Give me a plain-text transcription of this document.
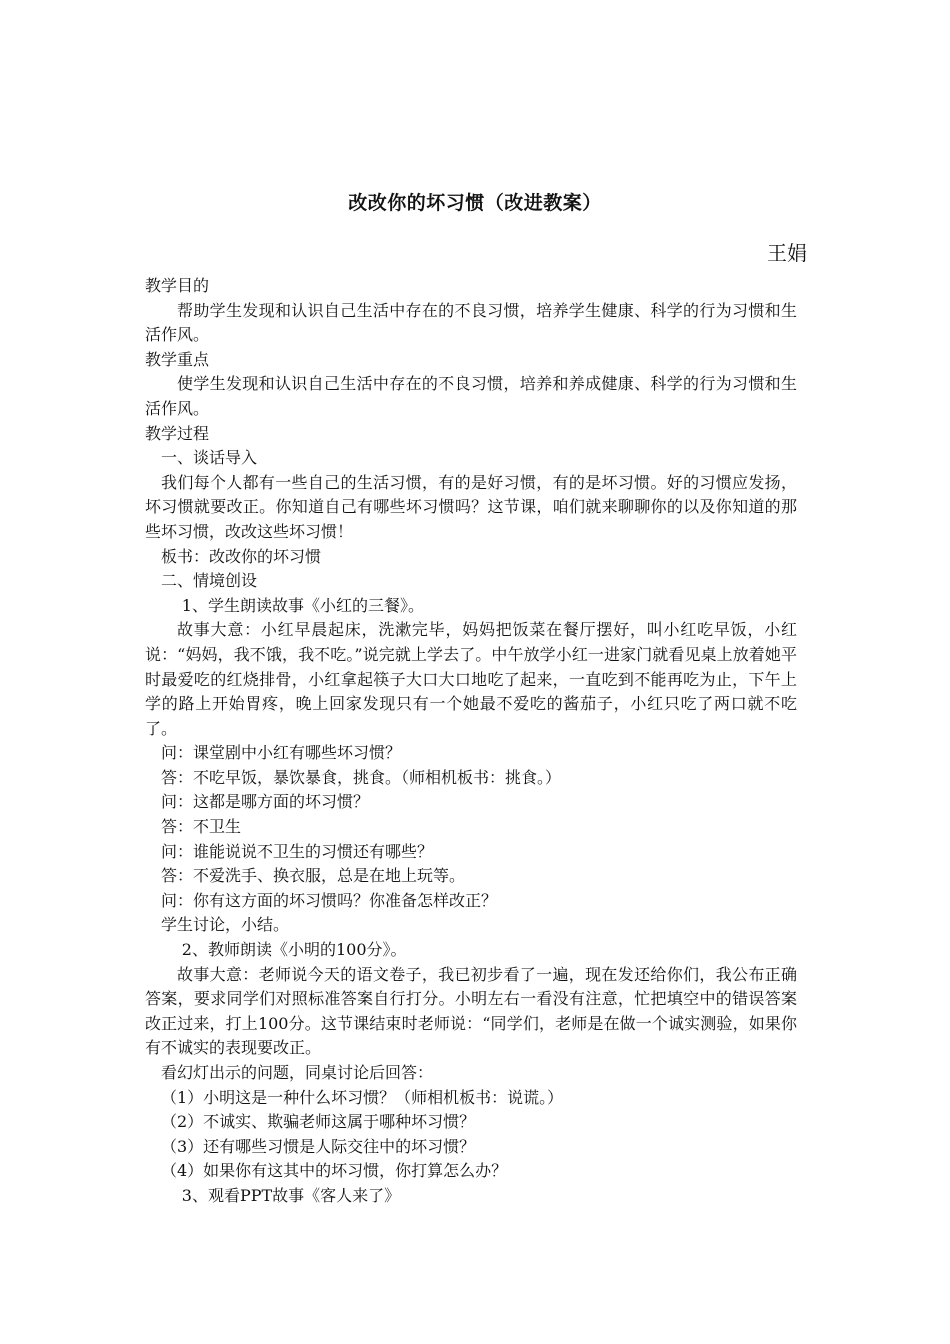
改改你的坏习惯（改进教案）
王娟

教学目的

帮助学生发现和认识自己生活中存在的不良习惯，培养学生健康、科学的行为习惯和生活作风。

教学重点

使学生发现和认识自己生活中存在的不良习惯，培养和养成健康、科学的行为习惯和生活作风。

教学过程

一、谈话导入

我们每个人都有一些自己的生活习惯，有的是好习惯，有的是坏习惯。好的习惯应发扬，坏习惯就要改正。你知道自己有哪些坏习惯吗？这节课，咱们就来聊聊你的以及你知道的那些坏习惯，改改这些坏习惯！

板书：改改你的坏习惯

二、情境创设

1、学生朗读故事《小红的三餐》。

故事大意：小红早晨起床，洗漱完毕，妈妈把饭菜在餐厅摆好，叫小红吃早饭，小红说：“妈妈，我不饿，我不吃。”说完就上学去了。中午放学小红一进家门就看见桌上放着她平时最爱吃的红烧排骨，小红拿起筷子大口大口地吃了起来，一直吃到不能再吃为止，下午上学的路上开始胃疼，晚上回家发现只有一个她最不爱吃的酱茄子，小红只吃了两口就不吃了。

问：课堂剧中小红有哪些坏习惯？

答：不吃早饭，暴饮暴食，挑食。（师相机板书：挑食。）

问：这都是哪方面的坏习惯？

答：不卫生

问：谁能说说不卫生的习惯还有哪些？

答：不爱洗手、换衣服，总是在地上玩等。

问：你有这方面的坏习惯吗？你准备怎样改正？

学生讨论，小结。

2、教师朗读《小明的100分》。

故事大意：老师说今天的语文卷子，我已初步看了一遍，现在发还给你们，我公布正确答案，要求同学们对照标准答案自行打分。小明左右一看没有注意，忙把填空中的错误答案改正过来，打上100分。这节课结束时老师说：“同学们，老师是在做一个诚实测验，如果你有不诚实的表现要改正。

看幻灯出示的问题，同桌讨论后回答：

（1）小明这是一种什么坏习惯？（师相机板书：说谎。）

（2）不诚实、欺骗老师这属于哪种坏习惯？

（3）还有哪些习惯是人际交往中的坏习惯？

（4）如果你有这其中的坏习惯，你打算怎么办？

3、观看PPT故事《客人来了》
